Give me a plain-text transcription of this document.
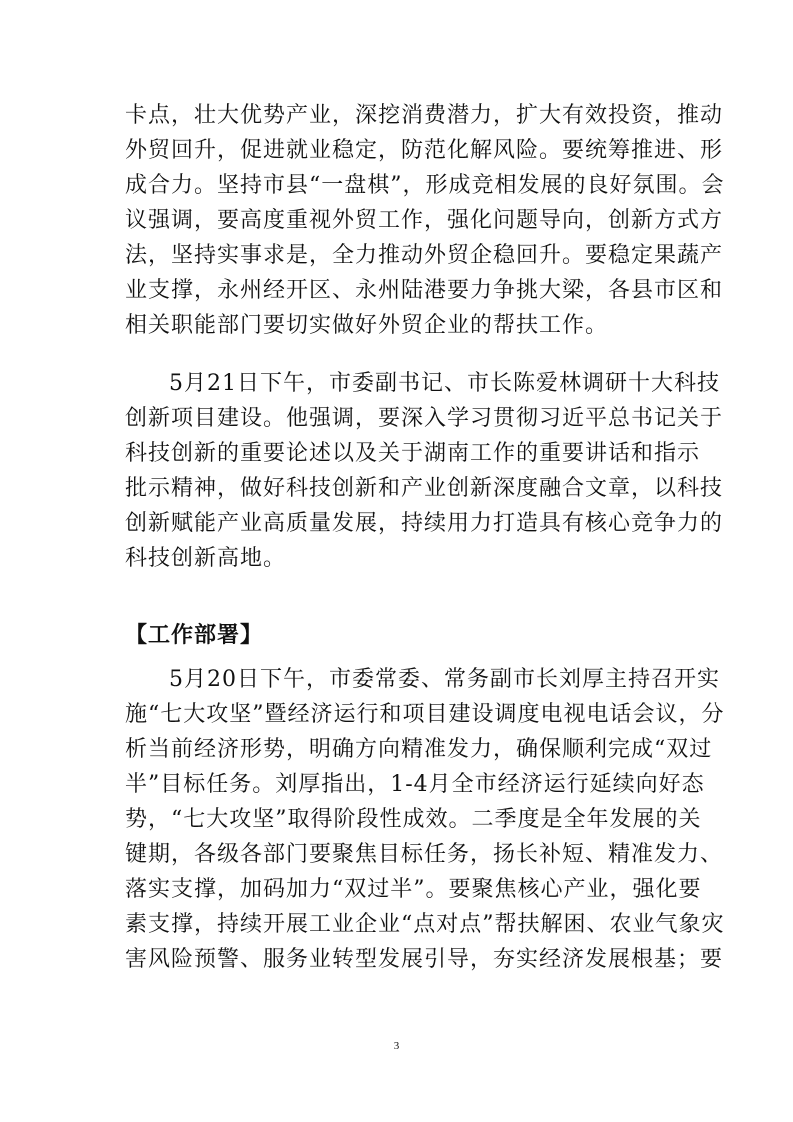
卡点，壮大优势产业，深挖消费潜力，扩大有效投资，推动
外贸回升，促进就业稳定，防范化解风险。要统筹推进、形
成合力。坚持市县“一盘棋”，形成竞相发展的良好氛围。会
议强调，要高度重视外贸工作，强化问题导向，创新方式方
法，坚持实事求是，全力推动外贸企稳回升。要稳定果蔬产
业支撑，永州经开区、永州陆港要力争挑大梁，各县市区和
相关职能部门要切实做好外贸企业的帮扶工作。
5月21日下午，市委副书记、市长陈爱林调研十大科技
创新项目建设。他强调，要深入学习贯彻习近平总书记关于
科技创新的重要论述以及关于湖南工作的重要讲话和指示
批示精神，做好科技创新和产业创新深度融合文章，以科技
创新赋能产业高质量发展，持续用力打造具有核心竞争力的
科技创新高地。
【工作部署】
5月20日下午，市委常委、常务副市长刘厚主持召开实
施“七大攻坚”暨经济运行和项目建设调度电视电话会议，分
析当前经济形势，明确方向精准发力，确保顺利完成“双过
半”目标任务。刘厚指出，1-4月全市经济运行延续向好态
势，“七大攻坚”取得阶段性成效。二季度是全年发展的关
键期，各级各部门要聚焦目标任务，扬长补短、精准发力、
落实支撑，加码加力“双过半”。要聚焦核心产业，强化要
素支撑，持续开展工业企业“点对点”帮扶解困、农业气象灾
害风险预警、服务业转型发展引导，夯实经济发展根基；要
3
